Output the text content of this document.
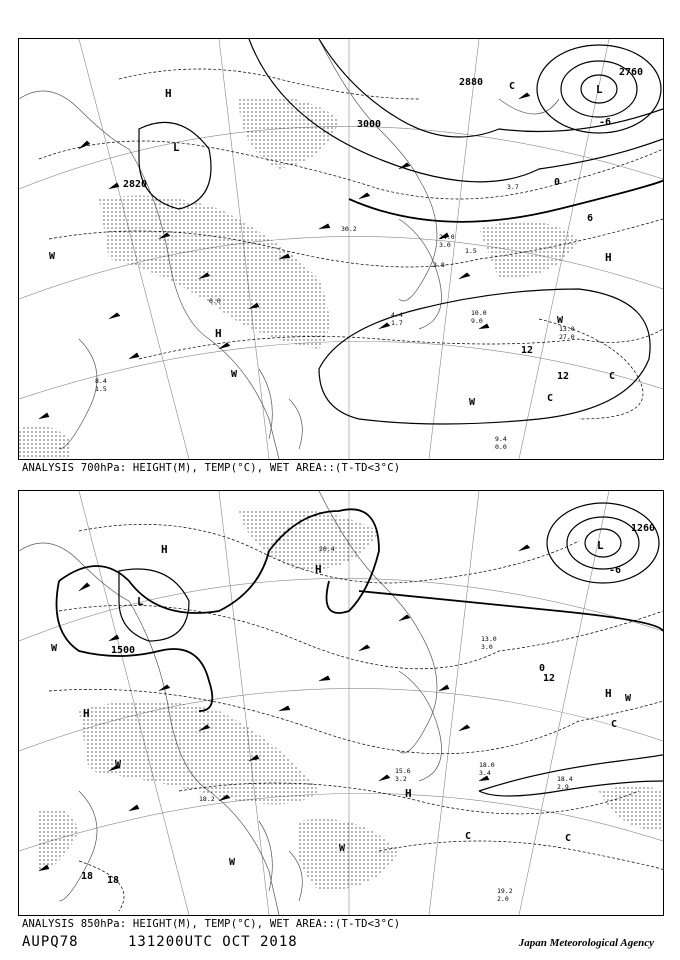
3000
2880
2760
2820	0
-6
6
12
12
H
L
L
H
H
W
W
W
W
C
C
C
10.0
9.0
13.0
27.0
9.4
0.0
4.4
1.7
24.0
3.0
1.5
3.7
30.2
2.8
6.0
8.4
1.5
ANALYSIS 700hPa: HEIGHT(M), TEMP(°C), WET AREA::(T-TD<3°C)
1500
1260
-6
0
12
18 18
H
H
H
H
H
L
L
W
W
W
W
W
C	C
C
19.2
2.0
18.0
3.4
18.4
2.9
18.2
15.6
3.2
20.4
13.0
3.0
ANALYSIS 850hPa: HEIGHT(M), TEMP(°C), WET AREA::(T-TD<3°C)
AUPQ78	131200UTC OCT 2018	Japan Meteorological Agency
